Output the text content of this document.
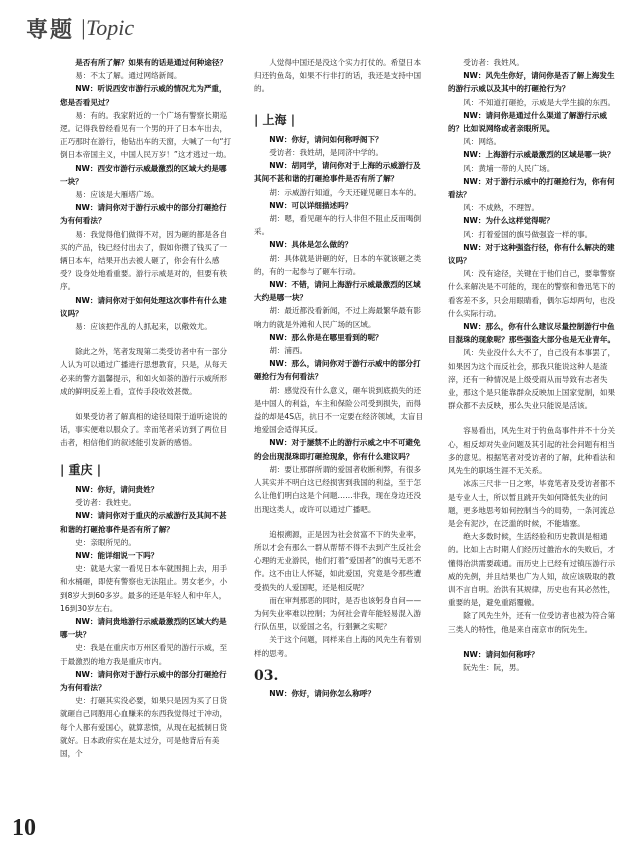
専题 |Topic

是否有所了解？如果有的话是通过何种途径？

易：不太了解。通过网络新闻。

NW：听说西安市游行示威的情况尤为严重，您是否看见过？

易：有的。我家附近的一个广场有警察长期巡逻。记得我曾经看见有一个男的开了日本车出去，正巧那时在游行，他钻出车的天窗，大喊了一句“打倒日本帝国主义，中国人民万岁！”这才逃过一劫。

NW：西安市游行示威最激烈的区域大约是哪一块？

易：应该是大雁塔广场。

NW：请问你对于游行示威中的部分打砸抢行为有何看法？

易：我觉得他们做得不对，因为砸的都是各自买的产品，钱已经付出去了，假如你攒了钱买了一辆日本车，结果开出去被人砸了，你会有什么感受？设身处地看重要。游行示威是对的，但要有秩序。

NW：请问你对于如何处理这次事件有什么建议吗？

易：应该把作乱的人抓起来，以儆效尤。

除此之外，笔者发现第二类受访者中有一部分人认为可以通过广播进行思想教育，只是，从每天必来的警方温馨提示，和如火如荼的游行示威所形成的鲜明反差上看，宣传手段收效甚微。

如果受访者了解真相的途径局限于道听途说的话，事实便难以服众了。幸而笔者采访到了两位目击者，相信他们的叙述能引发新的感悟。

| 重庆 |

NW：你好，请问贵姓？

受访者：我姓史。

NW：请问你对于重庆的示威游行及其间不甚和谐的打砸抢事件是否有所了解？

史：亲眼所见的。

NW：能详细说一下吗？

史：就是大家一看见日本车就围拥上去，用手和水桶砸，即使有警察也无法阻止。男女老少，小到8岁大到60多岁。最多的还是年轻人和中年人，16到30岁左右。

NW：请问贵地游行示威最激烈的区域大约是哪一块？

史：我是在重庆市万州区看见的游行示威，至于最激烈的地方我是重庆市内。

NW：请问你对于游行示威中的部分打砸抢行为有何看法？

史：打砸其实没必要，如果只是因为买了日货就砸自己同胞用心血赚来的东西我觉得过于冲动，每个人都有爱国心，就算悲愤，从现在起抵制日货就好。日本政府实在是太过分，可是他背后有美国，个

人觉得中国还是没这个实力打仗的。希望日本归还钓鱼岛，如果不行非打的话，我还是支持中国的。

| 上海 |

NW：你好，请问如何称呼阁下？

受访者：我姓胡，是同济中学的。

NW：胡同学，请问你对于上海的示威游行及其间不甚和谐的打砸抢事件是否有所了解？

胡：示威游行知道，今天还碰见砸日本车的。

NW：可以详细描述吗？

胡：嗯，看见砸车的行人非但不阻止反而喝倒采。

NW：具体是怎么做的？

胡：具体就是讲砸的好，日本的车就该砸之类的，有的一起参与了砸车行动。

NW：不错，请问上海游行示威最激烈的区域大约是哪一块？

胡：最近都没看新闻，不过上海最繁华最有影响力的就是外滩和人民广场的区域。

NW：那么你是在哪里看到的呢？

胡：浦西。

NW：那么，请问你对于游行示威中的部分打砸抢行为有何看法？

胡：感觉没有什么意义，砸车说到底损失的还是中国人的利益，车主和保险公司受到损失，而得益的却是4S店，抗日不一定要在经济领域，太盲目地爱国会适得其反。

NW：对于屡禁不止的游行示威之中不可避免的会出现混珠即打砸抢现象，你有什么建议吗？

胡：要让那群所谓的爱国者收断利弊，有很多人其实并不明白这已经损害到我国的利益，至于怎么让他们明白这是个问题……非我，现在身边还没出现这类人，或许可以通过广播吧。

追根溯源，正是因为社会贫富不下的失业率，所以才会有那么一群从帮帮不得不去到产生反社会心理的无业游民，他们打着“爱国者”的旗号无恶不作。这不由让人怀疑，如此爱国，究竟是令那些遭受损失的人爱国呢，还是相反呢？

而在审判那恶的同时，是否也该躬身自问——为何失业率难以控制；为何社会青年能轻易混入游行队伍里，以爱国之名，行猖獗之实呢？

关于这个问题，同样来自上海的风先生有着别样的思考。

03.

NW：你好，请问你怎么称呼？

受访者：我姓风。

NW：风先生你好，请问你是否了解上海发生的游行示威以及其中的打砸抢行为？

风：不知道打砸抢，示威是大学生搞的东西。

NW：请问你是通过什么渠道了解游行示威的？比如说网络或者亲眼所见。

风：网络。

NW：上海游行示威最激烈的区域是哪一块？

风：黄埔一带的人民广场。

NW：对于游行示威中的打砸抢行为，你有何看法？

风：不成熟，不理智。

NW：为什么这样觉得呢？

风：打着爱国的旗号做强盗一样的事。

NW：对于这种强盗行径，你有什么解决的建议吗？

风：没有途径，关键在于他们自己，要靠警察什么来解决是不可能的，现在的警察和鲁迅笔下的看客差不多，只会用眼睛看，偶尔忘却两句，也没什么实际行动。

NW：那么，你有什么建议尽量控制游行中鱼目混珠的现象呢？那些强盗大部分也是无业青年。

风：失业没什么大不了，自己没有本事罢了，如果因为这个而反社会，那我只能说这种人是渣滓，还有一种情况是上级受雨从而导致有志者失业，那这个是只能靠群众反映加上国家觉制，如果群众都不去反映，那么失业只能说是活该。

容易看出，风先生对于钓鱼岛事件并不十分关心，相反却对失业问题及其引起的社会问题有相当多的意见。根据笔者对受访者的了解，此种看法和风先生的职场生涯不无关系。

冰冻三尺非一日之寒，毕竟笔者及受访者都不是专业人士，所以暂且跳开失如何降低失业的问题，更多地思考如何控制当今的局势，一条河流总是会有泥沙，在泛滥的时候，不能墙塞。

绝大多数时候，生活经验和历史教训是相通的。比如上古时期人们经历过雒治水的失败后，才懂得治洪需要疏通。而历史上已经有过镇压游行示威的先例，并且结果也广为人知，故应该吸取的教训不言自明。治洪有其规律，历史也有其必然性，重要的是，避免重蹈覆辙。

除了风先生外，还有一位受访者也被为符合第三类人的特性，他是来自南京市的阮先生。

NW：请问如何称呼？

阮先生：阮，男。

10
